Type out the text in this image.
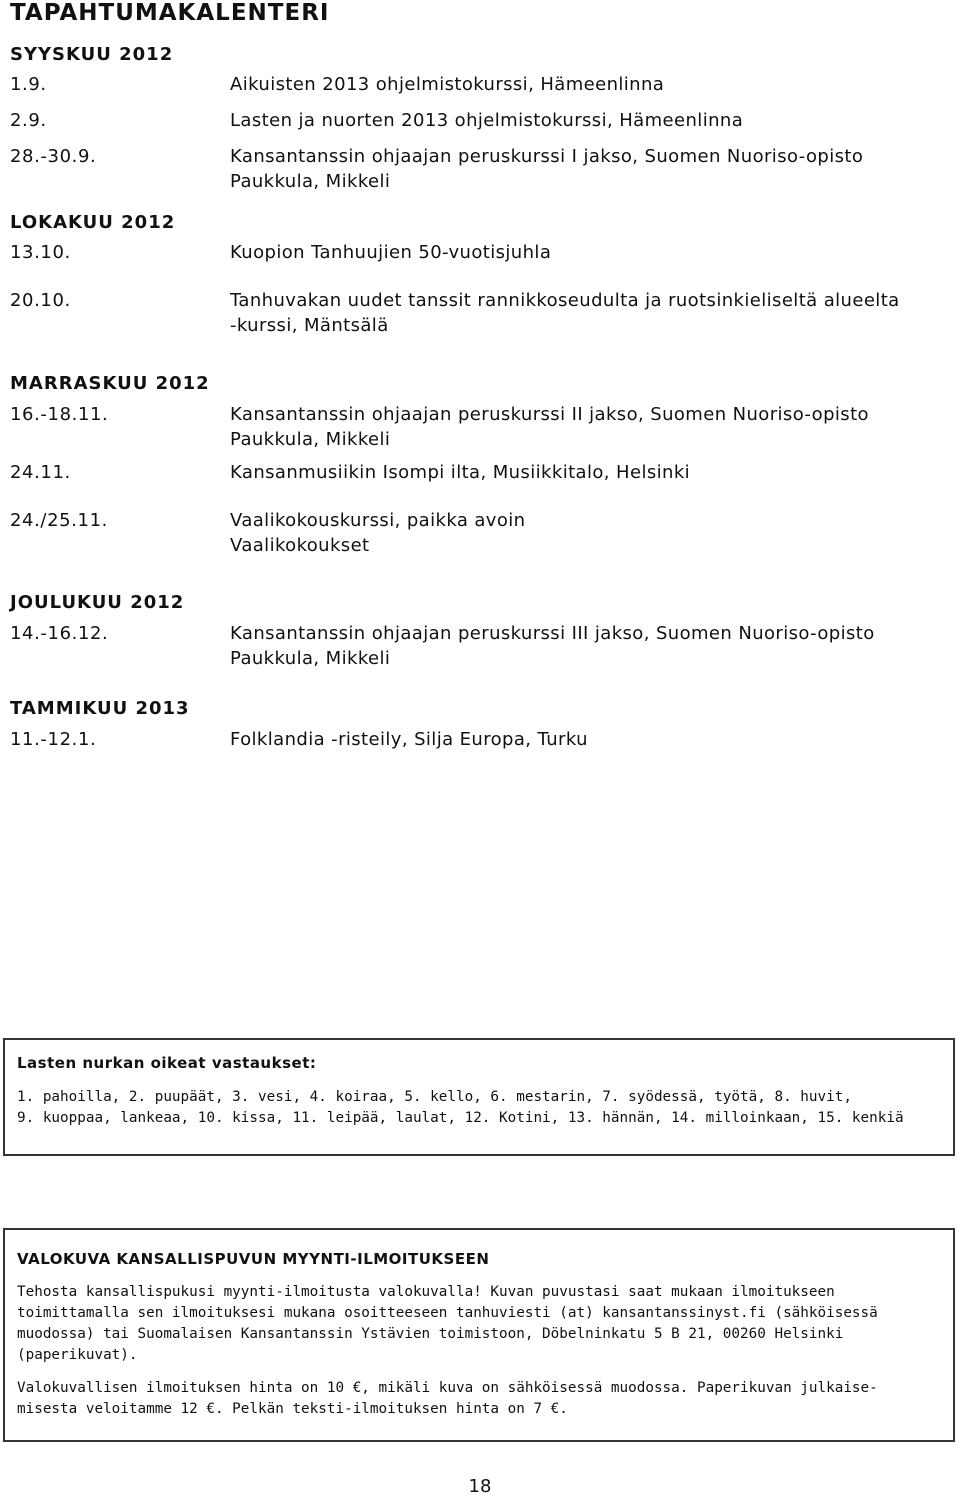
TAPAHTUMAKALENTERI
SYYSKUU 2012
1.9.	Aikuisten 2013 ohjelmistokurssi, Hämeenlinna
2.9.	Lasten ja nuorten 2013 ohjelmistokurssi, Hämeenlinna
28.-30.9.	Kansantanssin ohjaajan peruskurssi I jakso, Suomen Nuoriso-opisto
Paukkula, Mikkeli
LOKAKUU 2012
13.10.	Kuopion Tanhuujien 50-vuotisjuhla
20.10.	Tanhuvakan uudet tanssit rannikkoseudulta ja ruotsinkieliseltä alueelta
-kurssi, Mäntsälä
MARRASKUU 2012
16.-18.11.	Kansantanssin ohjaajan peruskurssi II jakso, Suomen Nuoriso-opisto
Paukkula, Mikkeli
24.11.	Kansanmusiikin Isompi ilta, Musiikkitalo, Helsinki
24./25.11.	Vaalikokouskurssi, paikka avoin
Vaalikokoukset
JOULUKUU 2012
14.-16.12.	Kansantanssin ohjaajan peruskurssi III jakso, Suomen Nuoriso-opisto
Paukkula, Mikkeli
TAMMIKUU 2013
11.-12.1.	Folklandia -risteily, Silja Europa, Turku
Lasten nurkan oikeat vastaukset:
1. pahoilla, 2. puupäät, 3. vesi, 4. koiraa, 5. kello, 6. mestarin, 7. syödessä, työtä, 8. huvit,
9. kuoppaa, lankeaa, 10. kissa, 11. leipää, laulat, 12. Kotini, 13. hännän, 14. milloinkaan, 15. kenkiä
VALOKUVA KANSALLISPUVUN MYYNTI-ILMOITUKSEEN
Tehosta kansallispukusi myynti-ilmoitusta valokuvalla! Kuvan puvustasi saat mukaan ilmoitukseen
toimittamalla sen ilmoituksesi mukana osoitteeseen tanhuviesti (at) kansantanssinyst.fi (sähköisessä
muodossa) tai Suomalaisen Kansantanssin Ystävien toimistoon, Döbelninkatu 5 B 21, 00260 Helsinki
(paperikuvat).
Valokuvallisen ilmoituksen hinta on 10 €, mikäli kuva on sähköisessä muodossa. Paperikuvan julkaise-
misesta veloitamme 12 €. Pelkän teksti-ilmoituksen hinta on 7 €.
18
